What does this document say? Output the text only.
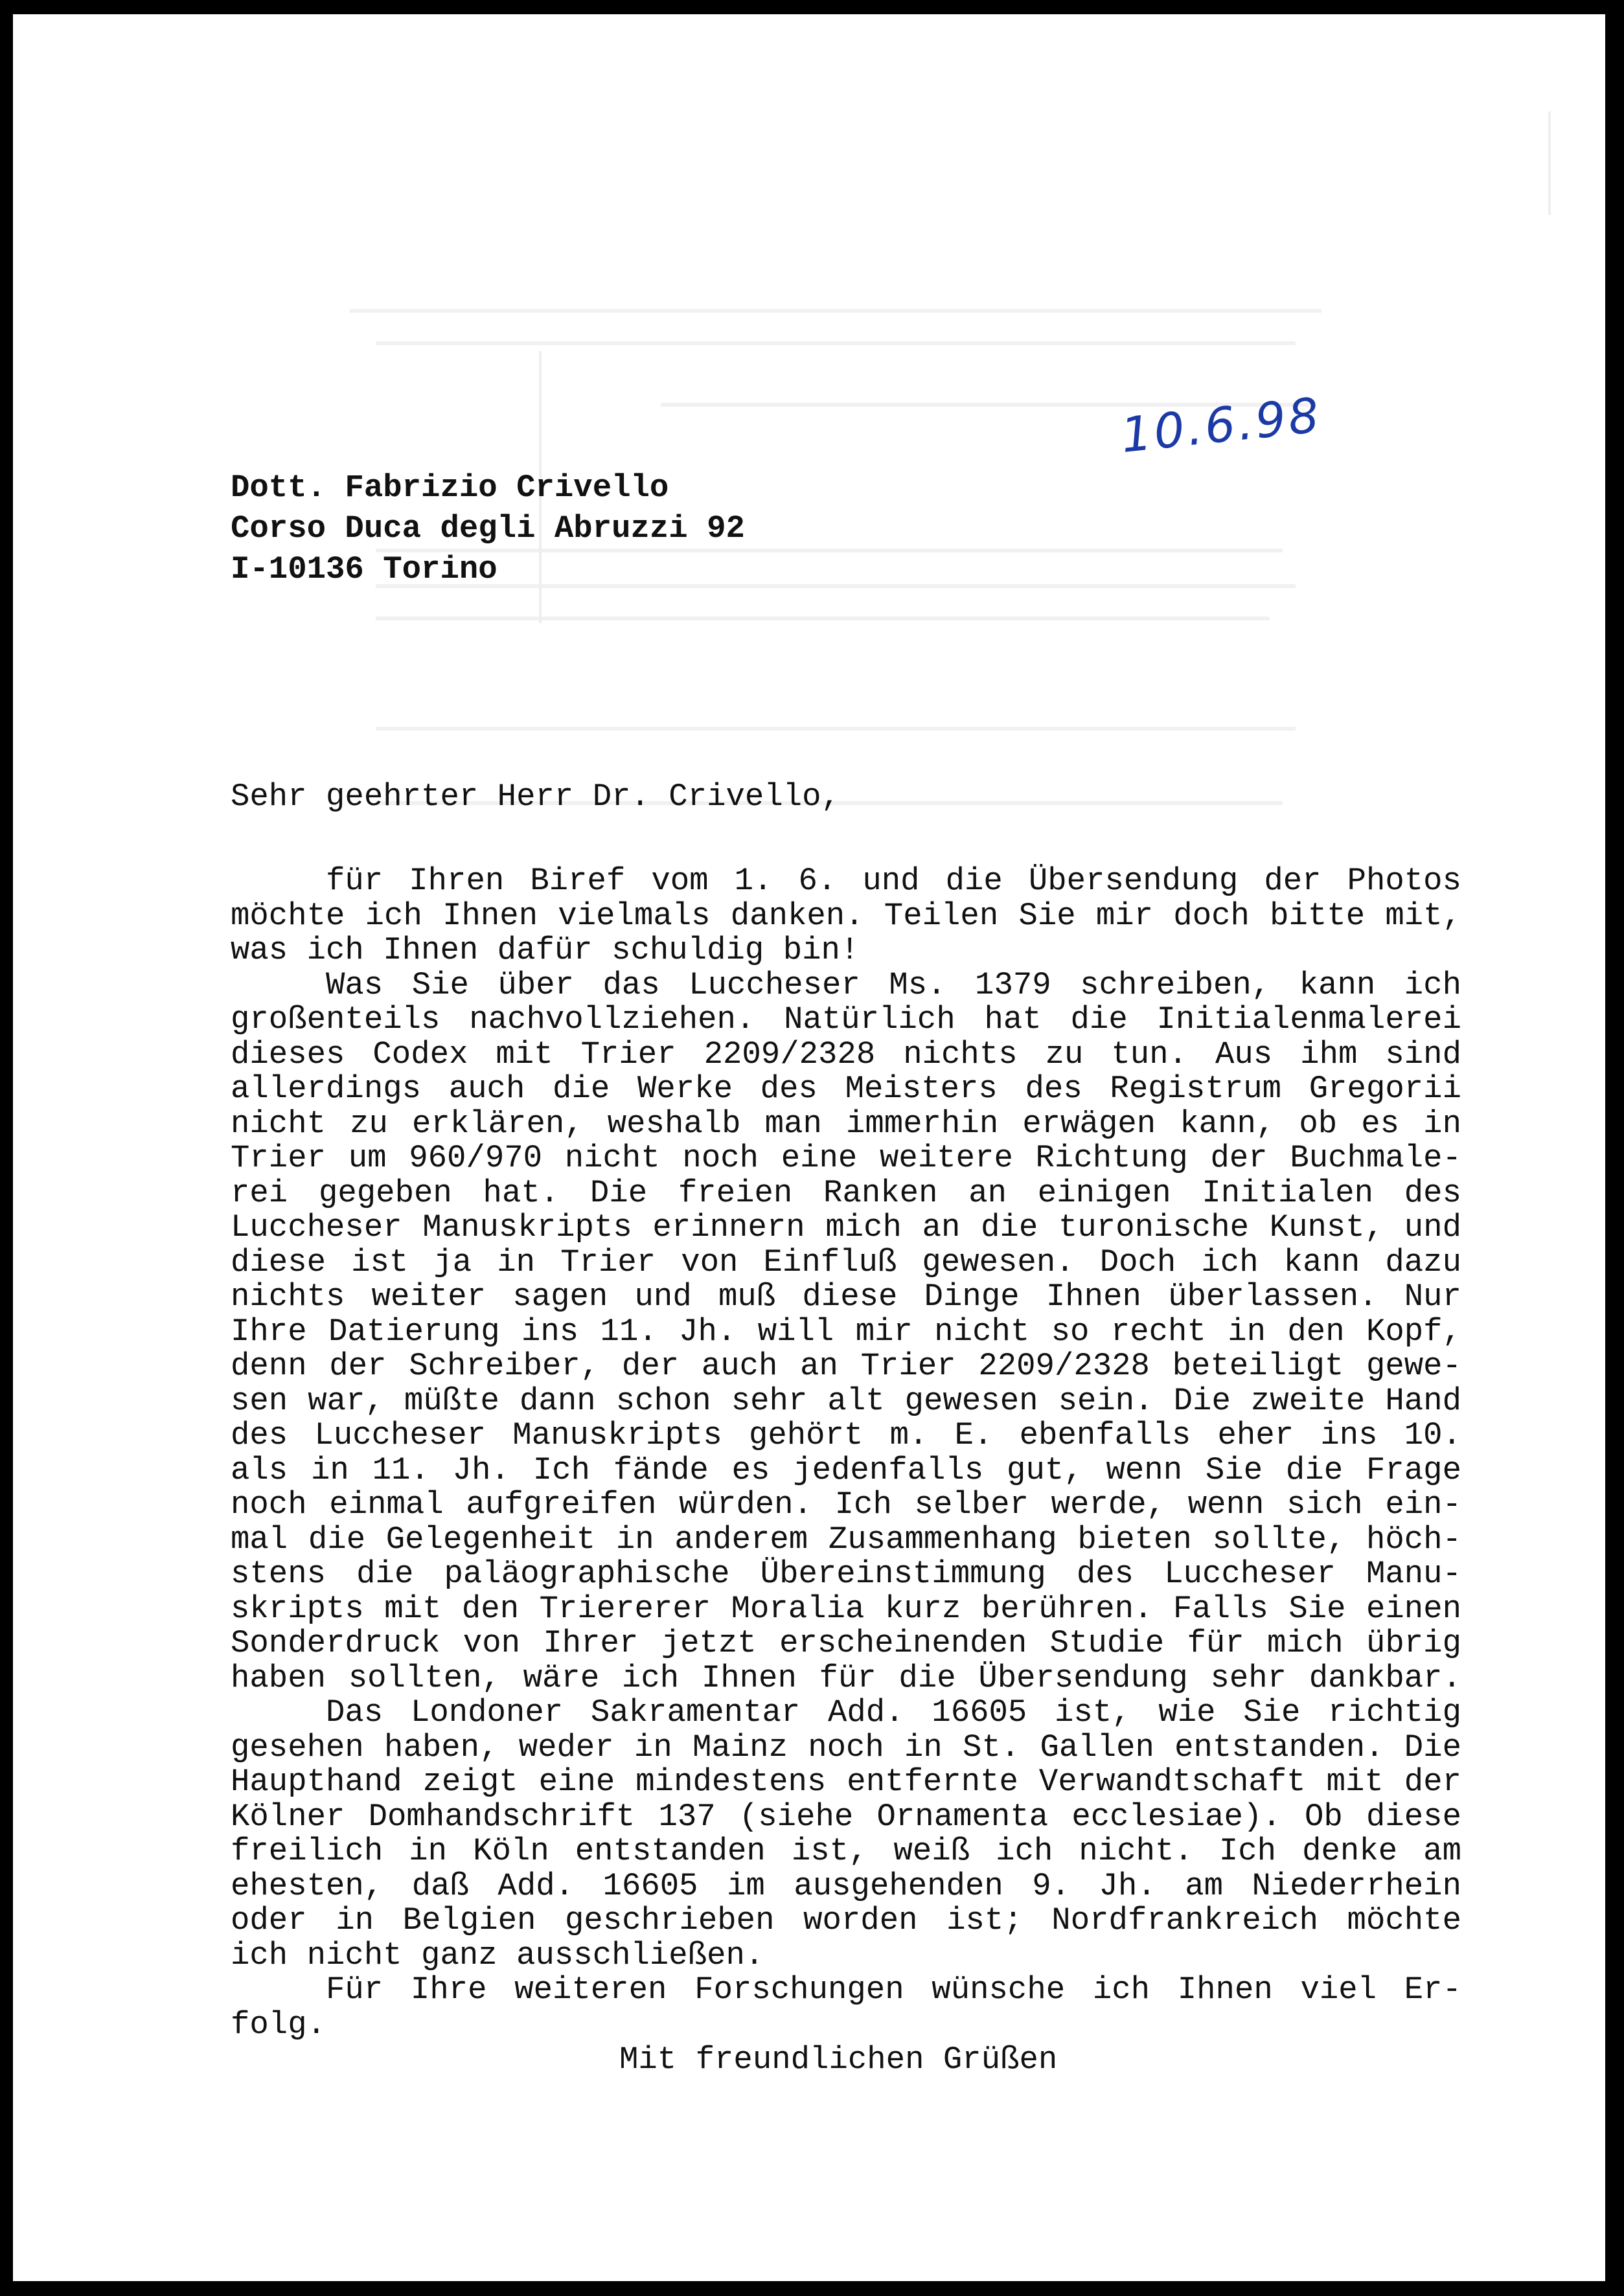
10.6.98
Dott. Fabrizio Crivello
Corso Duca degli Abruzzi 92
I-10136 Torino
Sehr geehrter Herr Dr. Crivello,
für Ihren Biref vom 1. 6. und die Übersendung der Photos
möchte ich Ihnen vielmals danken. Teilen Sie mir doch bitte mit,
was ich Ihnen dafür schuldig bin!
Was Sie über das Luccheser Ms. 1379 schreiben, kann ich
großenteils nachvollziehen. Natürlich hat die Initialenmalerei
dieses Codex mit Trier 2209/2328 nichts zu tun. Aus ihm sind
allerdings auch die Werke des Meisters des Registrum Gregorii
nicht zu erklären, weshalb man immerhin erwägen kann, ob es in
Trier um 960/970 nicht noch eine weitere Richtung der Buchmale-
rei gegeben hat. Die freien Ranken an einigen Initialen des
Luccheser Manuskripts erinnern mich an die turonische Kunst, und
diese ist ja in Trier von Einfluß gewesen. Doch ich kann dazu
nichts weiter sagen und muß diese Dinge Ihnen überlassen. Nur
Ihre Datierung ins 11. Jh. will mir nicht so recht in den Kopf,
denn der Schreiber, der auch an Trier 2209/2328 beteiligt gewe-
sen war, müßte dann schon sehr alt gewesen sein. Die zweite Hand
des Luccheser Manuskripts gehört m. E. ebenfalls eher ins 10.
als in 11. Jh. Ich fände es jedenfalls gut, wenn Sie die Frage
noch einmal aufgreifen würden. Ich selber werde, wenn sich ein-
mal die Gelegenheit in anderem Zusammenhang bieten sollte, höch-
stens die paläographische Übereinstimmung des Luccheser Manu-
skripts mit den Triererer Moralia kurz berühren. Falls Sie einen
Sonderdruck von Ihrer jetzt erscheinenden Studie für mich übrig
haben sollten, wäre ich Ihnen für die Übersendung sehr dankbar.
Das Londoner Sakramentar Add. 16605 ist, wie Sie richtig
gesehen haben, weder in Mainz noch in St. Gallen entstanden. Die
Haupthand zeigt eine mindestens entfernte Verwandtschaft mit der
Kölner Domhandschrift 137 (siehe Ornamenta ecclesiae). Ob diese
freilich in Köln entstanden ist, weiß ich nicht. Ich denke am
ehesten, daß Add. 16605 im ausgehenden 9. Jh. am Niederrhein
oder in Belgien geschrieben worden ist; Nordfrankreich möchte
ich nicht ganz ausschließen.
Für Ihre weiteren Forschungen wünsche ich Ihnen viel Er-
folg.
Mit freundlichen Grüßen
